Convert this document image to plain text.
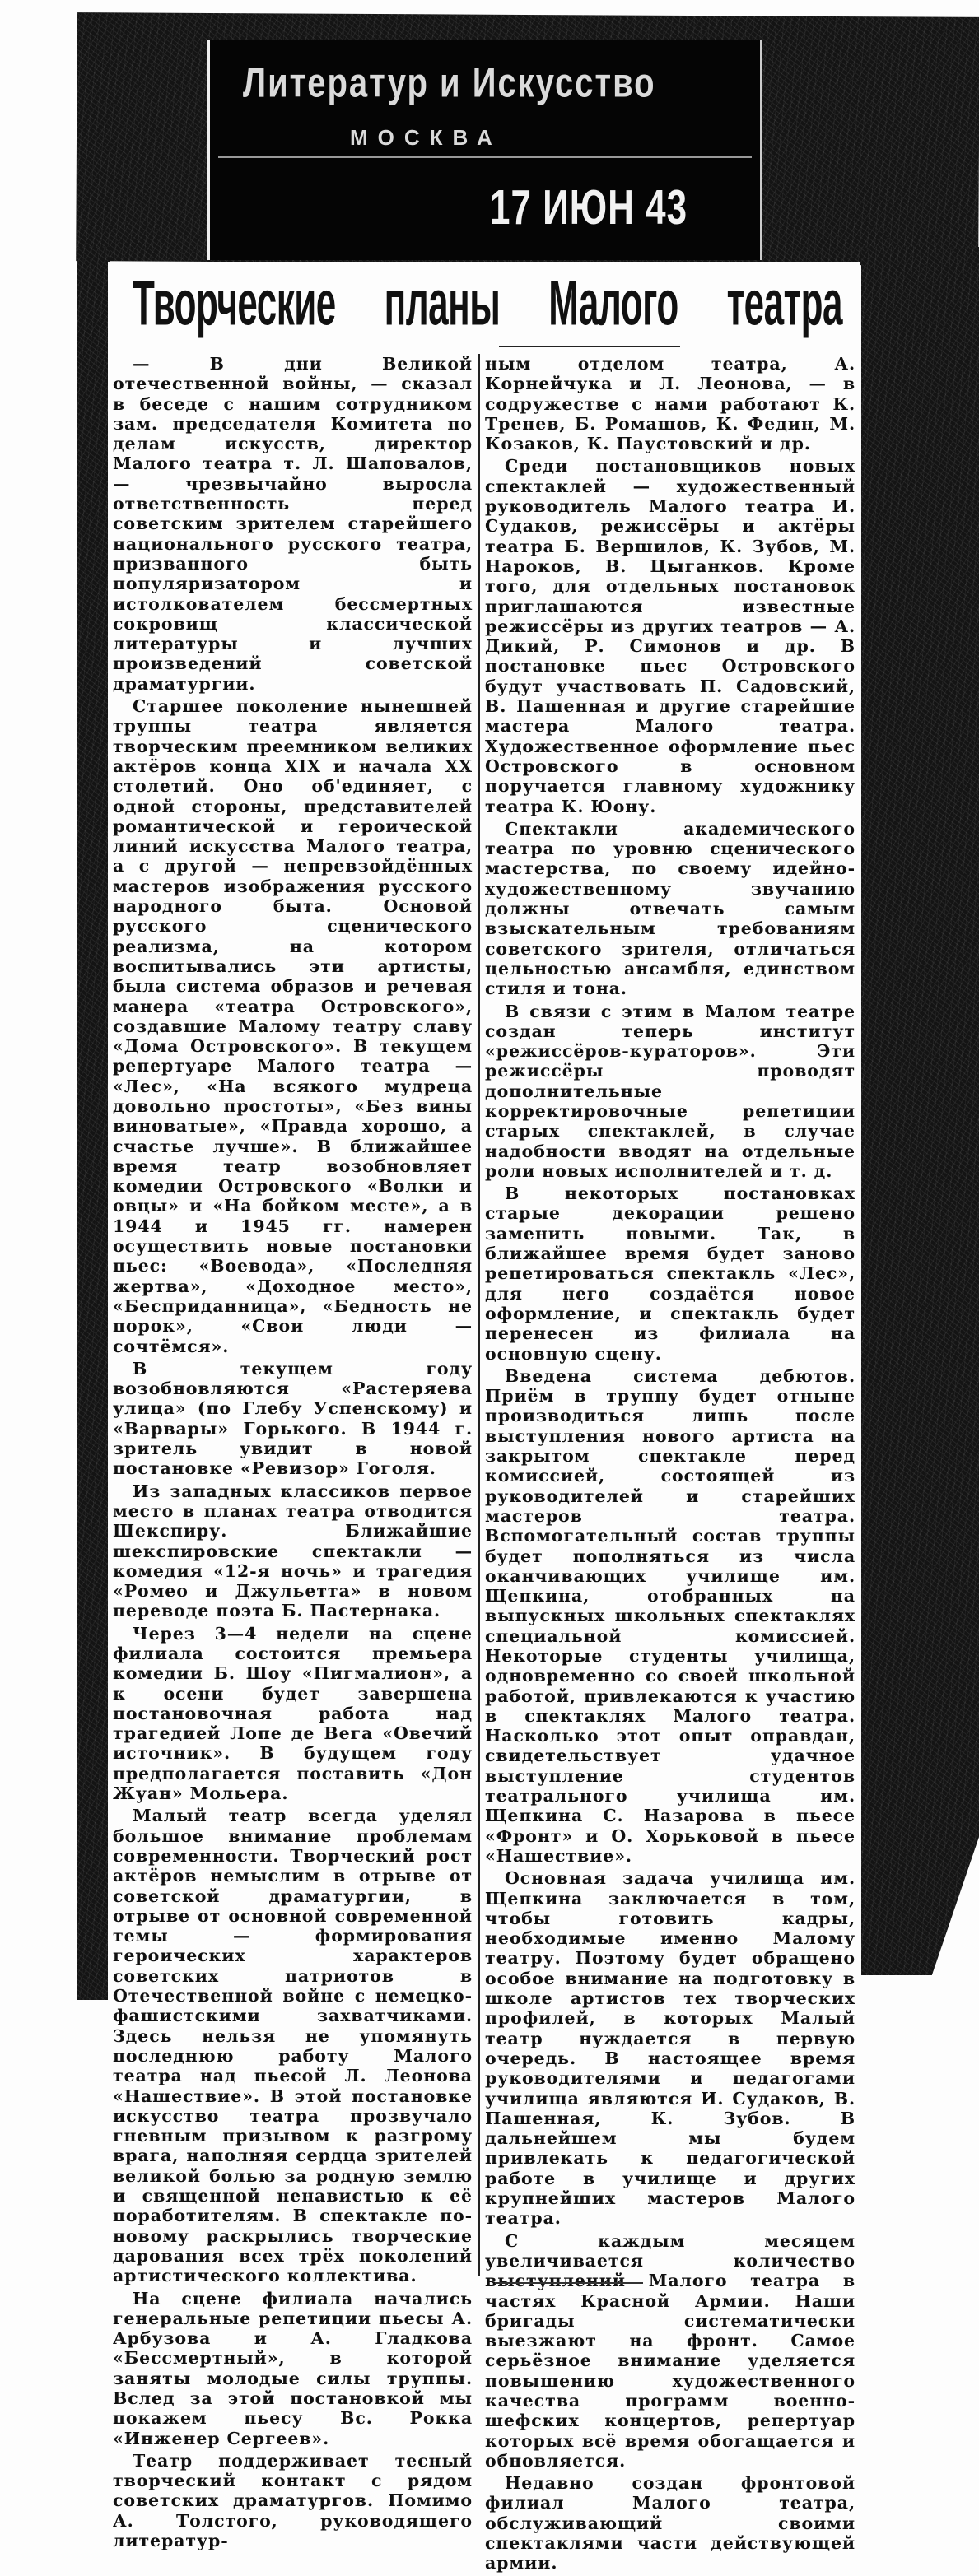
Литератур и Искусство
МОСКВА
17 ИЮН 43
Творческие планы Малого театра

— В дни Великой отечественной войны, — сказал в беседе с нашим сотрудником зам. председателя Комитета по делам искусств, директор Малого театра т. Л. Шаповалов, — чрезвычайно выросла ответственность перед советским зрителем старейшего национального русского театра, призванного быть популяризатором и истолкователем бессмертных сокровищ классической литературы и лучших произведений советской драматургии.

Старшее поколение нынешней труппы театра является творческим преемником великих актёров конца XIX и начала XX столетий. Оно об'единяет, с одной стороны, представителей романтической и героической линий искусства Малого театра, а с другой — непревзойдённых мастеров изображения русского народного быта. Основой русского сценического реализма, на котором воспитывались эти артисты, была система образов и речевая манера «театра Островского», создавшие Малому театру славу «Дома Островского». В текущем репертуаре Малого театра — «Лес», «На всякого мудреца довольно простоты», «Без вины виноватые», «Правда хорошо, а счастье лучше». В ближайшее время театр возобновляет комедии Островского «Волки и овцы» и «На бойком месте», а в 1944 и 1945 гг. намерен осуществить новые постановки пьес: «Воевода», «Последняя жертва», «Доходное место», «Бесприданница», «Бедность не порок», «Свои люди — сочтёмся».

В текущем году возобновляются «Растеряева улица» (по Глебу Успенскому) и «Варвары» Горького. В 1944 г. зритель увидит в новой постановке «Ревизор» Гоголя.

Из западных классиков первое место в планах театра отводится Шекспиру. Ближайшие шекспировские спектакли — комедия «12-я ночь» и трагедия «Ромео и Джульетта» в новом переводе поэта Б. Пастернака.

Через 3—4 недели на сцене филиала состоится премьера комедии Б. Шоу «Пигмалион», а к осени будет завершена постановочная работа над трагедией Лопе де Вега «Овечий источник». В будущем году предполагается поставить «Дон Жуан» Мольера.

Малый театр всегда уделял большое внимание проблемам современности. Творческий рост актёров немыслим в отрыве от советской драматургии, в отрыве от основной современной темы — формирования героических характеров советских патриотов в Отечественной войне с немецко-фашистскими захватчиками. Здесь нельзя не упомянуть последнюю работу Малого театра над пьесой Л. Леонова «Нашествие». В этой постановке искусство театра прозвучало гневным призывом к разгрому врага, наполняя сердца зрителей великой болью за родную землю и священной ненавистью к её поработителям. В спектакле по-новому раскрылись творческие дарования всех трёх поколений артистического коллектива.

На сцене филиала начались генеральные репетиции пьесы А. Арбузова и А. Гладкова «Бессмертный», в которой заняты молодые силы труппы. Вслед за этой постановкой мы покажем пьесу Вс. Рокка «Инженер Сергеев».

Театр поддерживает тесный творческий контакт с рядом советских драматургов. Помимо А. Толстого, руководящего литератур-

ным отделом театра, А. Корнейчука и Л. Леонова, — в содружестве с нами работают К. Тренев, Б. Ромашов, К. Федин, М. Козаков, К. Паустовский и др.

Среди постановщиков новых спектаклей — художественный руководитель Малого театра И. Судаков, режиссёры и актёры театра Б. Вершилов, К. Зубов, М. Нароков, В. Цыганков. Кроме того, для отдельных постановок приглашаются известные режиссёры из других театров — А. Дикий, Р. Симонов и др. В постановке пьес Островского будут участвовать П. Садовский, В. Пашенная и другие старейшие мастера Малого театра. Художественное оформление пьес Островского в основном поручается главному художнику театра К. Юону.

Спектакли академического театра по уровню сценического мастерства, по своему идейно-художественному звучанию должны отвечать самым взыскательным требованиям советского зрителя, отличаться цельностью ансамбля, единством стиля и тона.

В связи с этим в Малом театре создан теперь институт «режиссёров-кураторов». Эти режиссёры проводят дополнительные корректировочные репетиции старых спектаклей, в случае надобности вводят на отдельные роли новых исполнителей и т. д.

В некоторых постановках старые декорации решено заменить новыми. Так, в ближайшее время будет заново репетироваться спектакль «Лес», для него создаётся новое оформление, и спектакль будет перенесен из филиала на основную сцену.

Введена система дебютов. Приём в труппу будет отныне производиться лишь после выступления нового артиста на закрытом спектакле перед комиссией, состоящей из руководителей и старейших мастеров театра. Вспомогательный состав труппы будет пополняться из числа оканчивающих училище им. Щепкина, отобранных на выпускных школьных спектаклях специальной комиссией. Некоторые студенты училища, одновременно со своей школьной работой, привлекаются к участию в спектаклях Малого театра. Насколько этот опыт оправдан, свидетельствует удачное выступление студентов театрального училища им. Щепкина С. Назарова в пьесе «Фронт» и О. Хорьковой в пьесе «Нашествие».

Основная задача училища им. Щепкина заключается в том, чтобы готовить кадры, необходимые именно Малому театру. Поэтому будет обращено особое внимание на подготовку в школе артистов тех творческих профилей, в которых Малый театр нуждается в первую очередь. В настоящее время руководителями и педагогами училища являются И. Судаков, В. Пашенная, К. Зубов. В дальнейшем мы будем привлекать к педагогической работе в училище и других крупнейших мастеров Малого театра.

С каждым месяцем увеличивается количество выступлений Малого театра в частях Красной Армии. Наши бригады систематически выезжают на фронт. Самое серьёзное внимание уделяется повышению художественного качества программ военно-шефских концертов, репертуар которых всё время обогащается и обновляется.

Недавно создан фронтовой филиал Малого театра, обслуживающий своими спектаклями части действующей армии.
